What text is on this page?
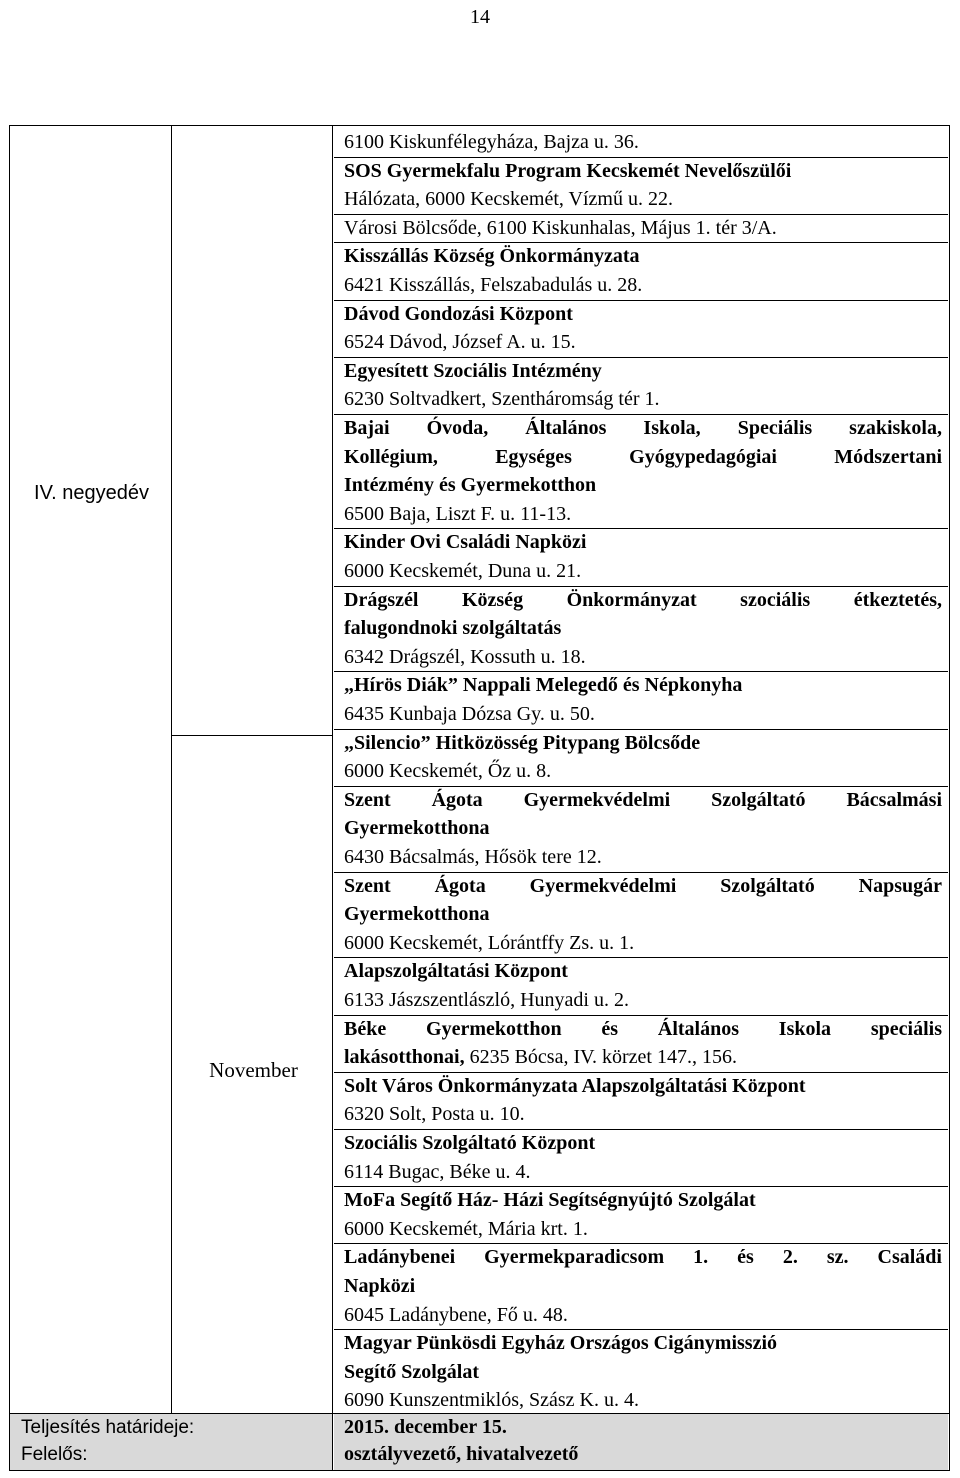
14
IV. negyedév
November
6100 Kiskunfélegyháza, Bajza u. 36.
SOS Gyermekfalu Program Kecskemét Nevelőszülői
Hálózata, 6000 Kecskemét, Vízmű u. 22.
Városi Bölcsőde, 6100 Kiskunhalas, Május 1. tér 3/A.
Kisszállás Község Önkormányzata
6421 Kisszállás, Felszabadulás u. 28.
Dávod Gondozási Központ
6524 Dávod, József A. u. 15.
Egyesített Szociális Intézmény
6230 Soltvadkert, Szentháromság tér 1.
Bajai Óvoda, Általános Iskola, Speciális szakiskola,
Kollégium, Egységes Gyógypedagógiai Módszertani
Intézmény és Gyermekotthon
6500 Baja, Liszt F. u. 11-13.
Kinder Ovi Családi Napközi
6000 Kecskemét, Duna u. 21.
Drágszél Község Önkormányzat szociális étkeztetés,
falugondnoki szolgáltatás
6342 Drágszél, Kossuth u. 18.
„Hírös Diák” Nappali Melegedő és Népkonyha
6435 Kunbaja Dózsa Gy. u. 50.
„Silencio” Hitközösség Pitypang Bölcsőde
6000 Kecskemét, Őz u. 8.
Szent Ágota Gyermekvédelmi Szolgáltató Bácsalmási
Gyermekotthona
6430 Bácsalmás, Hősök tere 12.
Szent Ágota Gyermekvédelmi Szolgáltató Napsugár
Gyermekotthona
6000 Kecskemét, Lórántffy Zs. u. 1.
Alapszolgáltatási Központ
6133 Jászszentlászló, Hunyadi u. 2.
Béke Gyermekotthon és Általános Iskola speciális
lakásotthonai, 6235 Bócsa, IV. körzet 147., 156.
Solt Város Önkormányzata Alapszolgáltatási Központ
6320 Solt, Posta u. 10.
Szociális Szolgáltató Központ
6114 Bugac, Béke u. 4.
MoFa Segítő Ház- Házi Segítségnyújtó Szolgálat
6000 Kecskemét, Mária krt. 1.
Ladánybenei Gyermekparadicsom 1. és 2. sz. Családi
Napközi
6045 Ladánybene, Fő u. 48.
Magyar Pünkösdi Egyház Országos Cigánymisszió
Segítő Szolgálat
6090 Kunszentmiklós, Szász K. u. 4.
Teljesítés határideje:
Felelős:
2015. december 15.
osztályvezető, hivatalvezető
